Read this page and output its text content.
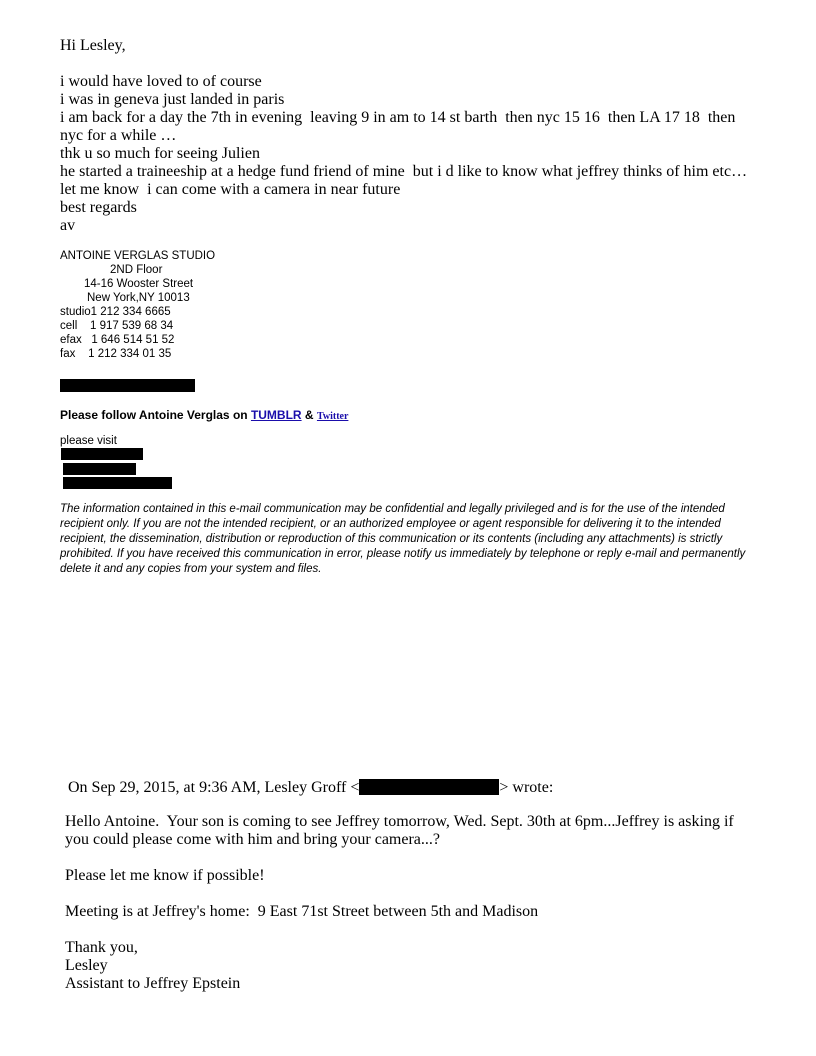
Hi Lesley,

i would have loved to of course
i was in geneva just landed in paris
i am back for a day the 7th in evening  leaving 9 in am to 14 st barth  then nyc 15 16  then LA 17 18  then
nyc for a while …
thk u so much for seeing Julien
he started a traineeship at a hedge fund friend of mine  but i d like to know what jeffrey thinks of him etc…
let me know  i can come with a camera in near future
best regards
av
ANTOINE VERGLAS STUDIO
2ND Floor
14-16 Wooster Street
New York,NY 10013
studio1 212 334 6665
cell    1 917 539 68 34
efax   1 646 514 51 52
fax    1 212 334 01 35
Please follow Antoine Verglas on TUMBLR & Twitter
please visit
The information contained in this e-mail communication may be confidential and legally privileged and is for the use of the intended recipient only. If you are not the intended recipient, or an authorized employee or agent responsible for delivering it to the intended recipient, the dissemination, distribution or reproduction of this communication or its contents (including any attachments) is strictly prohibited. If you have received this communication in error, please notify us immediately by telephone or reply e-mail and permanently delete it and any copies from your system and files.

On Sep 29, 2015, at 9:36 AM, Lesley Groff <	> wrote:

Hello Antoine.  Your son is coming to see Jeffrey tomorrow, Wed. Sept. 30th at 6pm...Jeffrey is asking if
you could please come with him and bring your camera...?

Please let me know if possible!

Meeting is at Jeffrey's home:  9 East 71st Street between 5th and Madison

Thank you,
Lesley
Assistant to Jeffrey Epstein
